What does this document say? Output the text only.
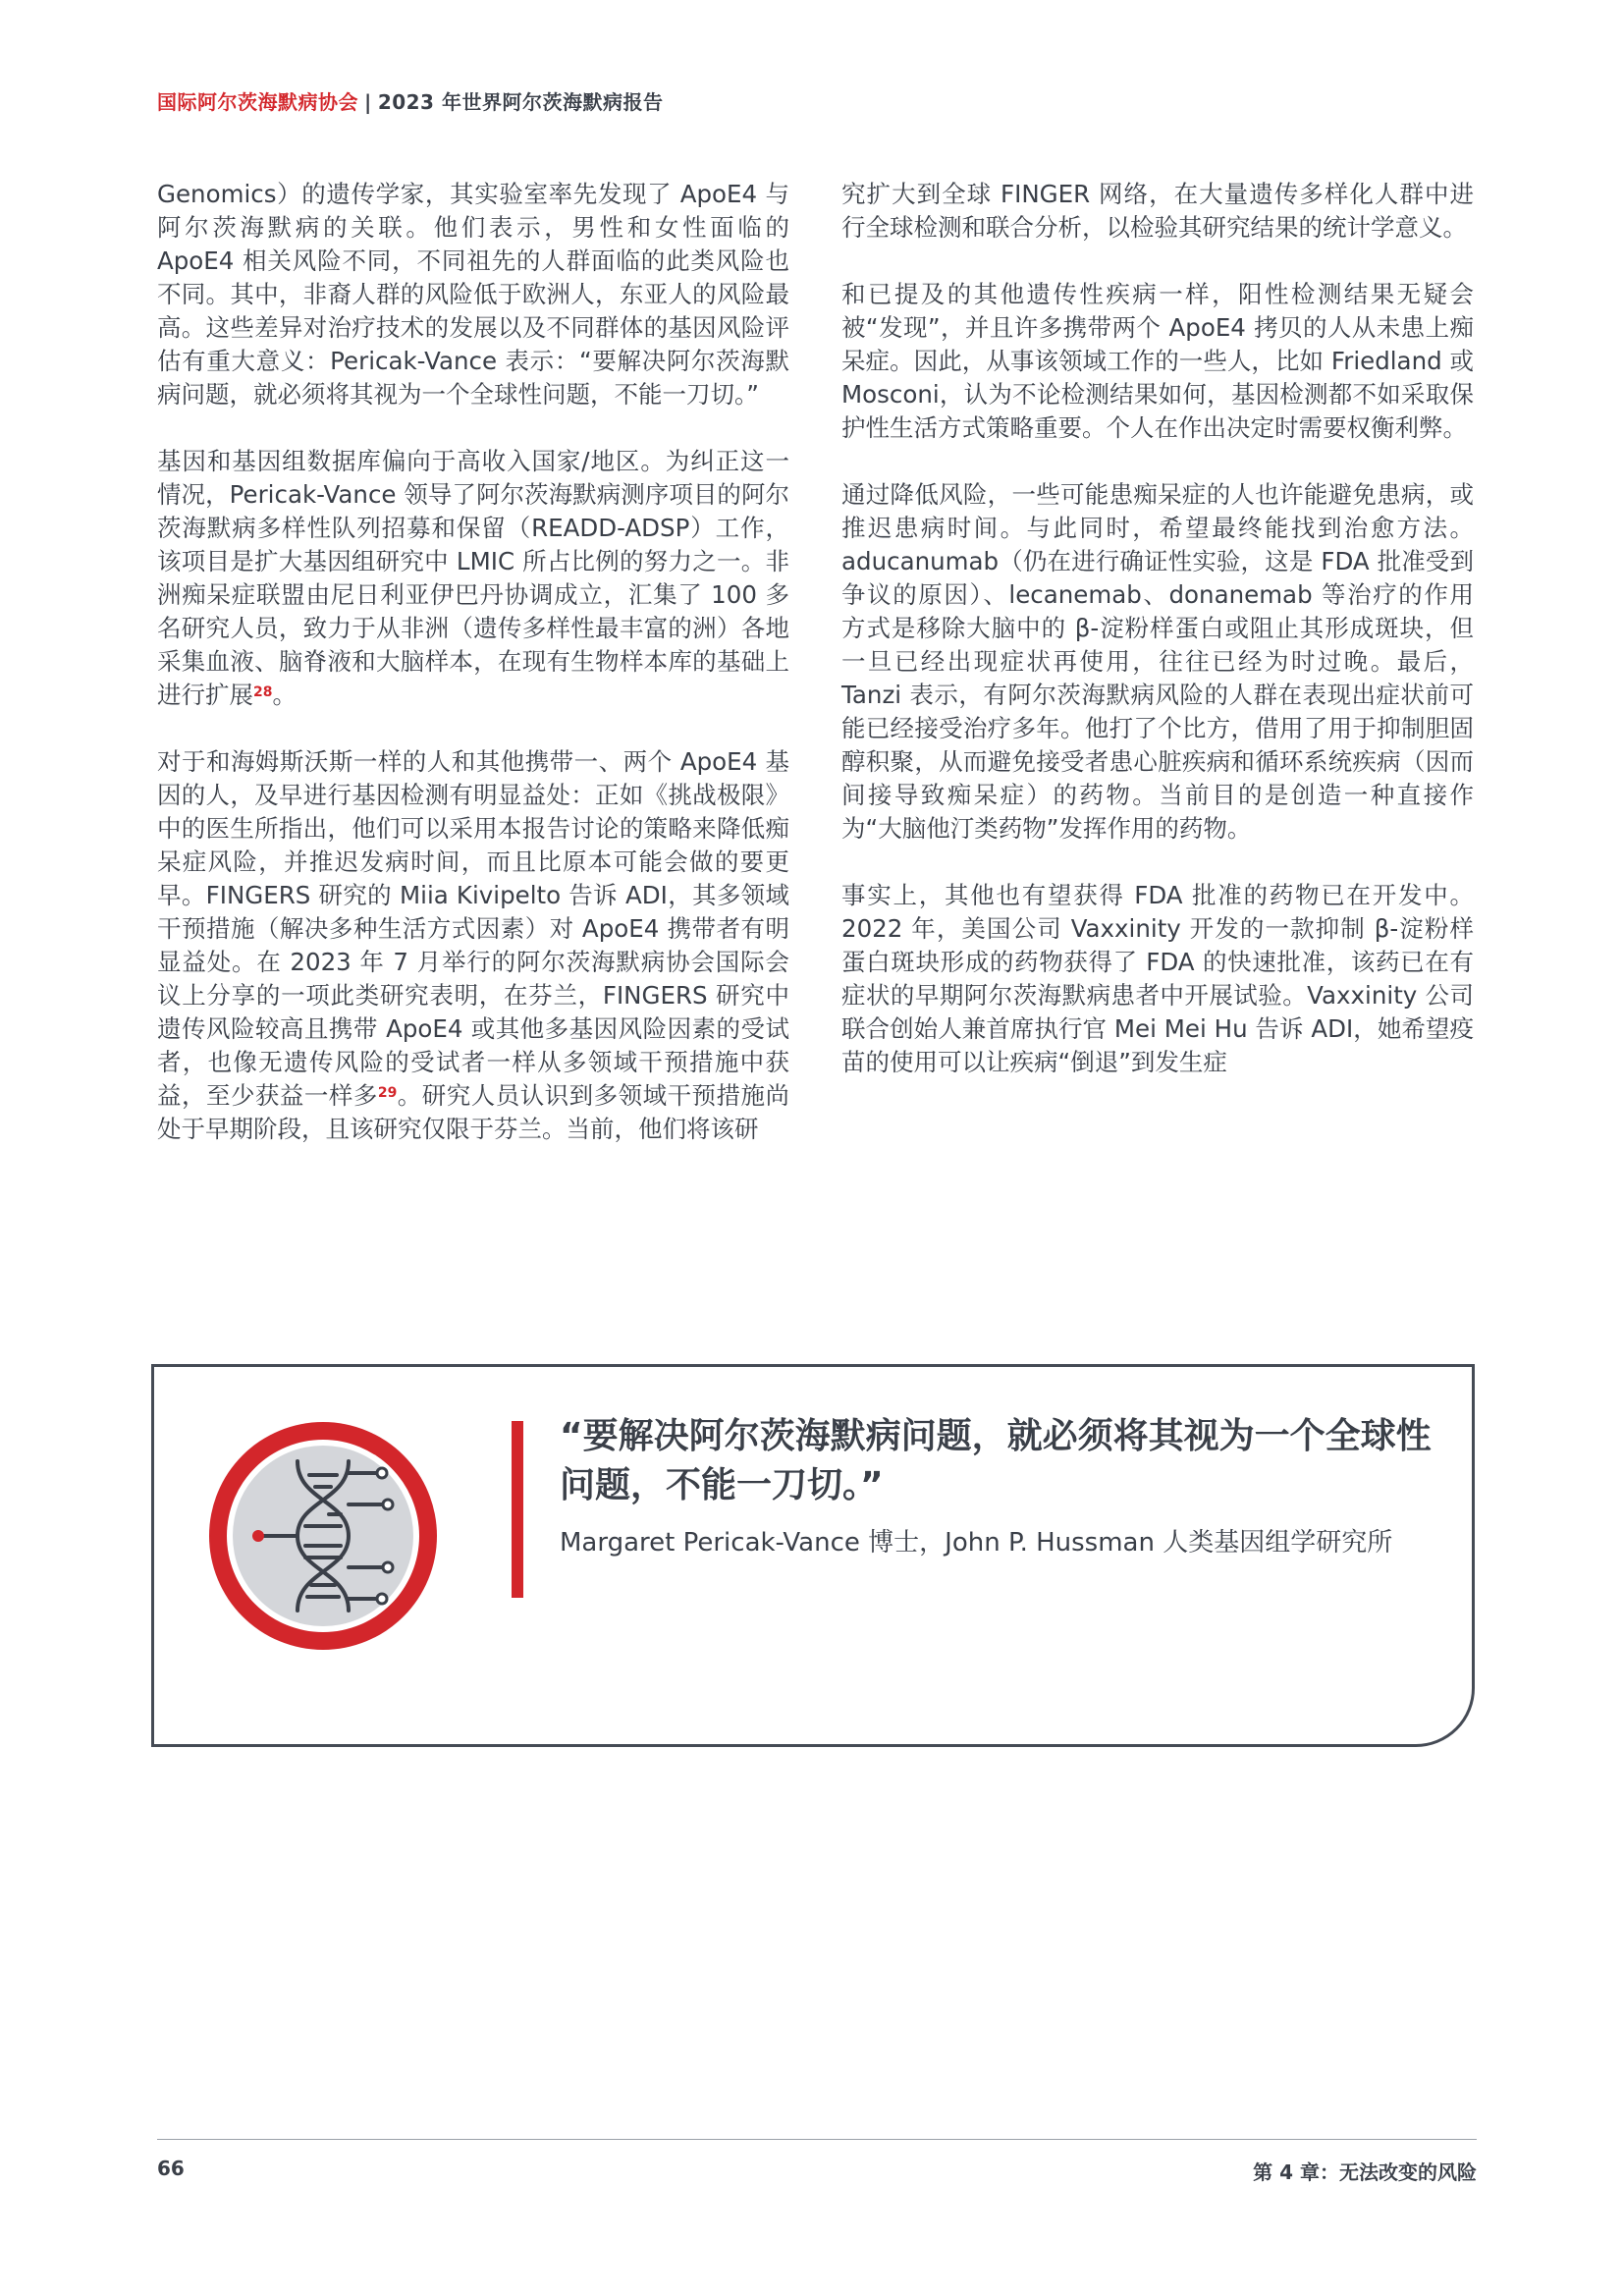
国际阿尔茨海默病协会 | 2023 年世界阿尔茨海默病报告

Genomics）的遗传学家，其实验室率先发现了 ApoE4 与阿尔茨海默病的关联。他们表示，男性和女性面临的 ApoE4 相关风险不同，不同祖先的人群面临的此类风险也不同。其中，非裔人群的风险低于欧洲人，东亚人的风险最高。这些差异对治疗技术的发展以及不同群体的基因风险评估有重大意义：Pericak-Vance 表示：“要解决阿尔茨海默病问题，就必须将其视为一个全球性问题，不能一刀切。”

基因和基因组数据库偏向于高收入国家/地区。为纠正这一情况，Pericak-Vance 领导了阿尔茨海默病测序项目的阿尔茨海默病多样性队列招募和保留（READD-ADSP）工作，该项目是扩大基因组研究中 LMIC 所占比例的努力之一。非洲痴呆症联盟由尼日利亚伊巴丹协调成立，汇集了 100 多名研究人员，致力于从非洲（遗传多样性最丰富的洲）各地采集血液、脑脊液和大脑样本，在现有生物样本库的基础上进行扩展$^{28}$。

对于和海姆斯沃斯一样的人和其他携带一、两个 ApoE4 基因的人，及早进行基因检测有明显益处：正如《挑战极限》中的医生所指出，他们可以采用本报告讨论的策略来降低痴呆症风险，并推迟发病时间，而且比原本可能会做的要更早。FINGERS 研究的 Miia Kivipelto 告诉 ADI，其多领域干预措施（解决多种生活方式因素）对 ApoE4 携带者有明显益处。在 2023 年 7 月举行的阿尔茨海默病协会国际会议上分享的一项此类研究表明，在芬兰，FINGERS 研究中遗传风险较高且携带 ApoE4 或其他多基因风险因素的受试者，也像无遗传风险的受试者一样从多领域干预措施中获益，至少获益一样多$^{29}$。研究人员认识到多领域干预措施尚处于早期阶段，且该研究仅限于芬兰。当前，他们将该研

究扩大到全球 FINGER 网络，在大量遗传多样化人群中进行全球检测和联合分析，以检验其研究结果的统计学意义。

和已提及的其他遗传性疾病一样，阳性检测结果无疑会被“发现”，并且许多携带两个 ApoE4 拷贝的人从未患上痴呆症。因此，从事该领域工作的一些人，比如 Friedland 或 Mosconi，认为不论检测结果如何，基因检测都不如采取保护性生活方式策略重要。个人在作出决定时需要权衡利弊。

通过降低风险，一些可能患痴呆症的人也许能避免患病，或推迟患病时间。与此同时，希望最终能找到治愈方法。aducanumab（仍在进行确证性实验，这是 FDA 批准受到争议的原因）、lecanemab、donanemab 等治疗的作用方式是移除大脑中的 β-淀粉样蛋白或阻止其形成斑块，但一旦已经出现症状再使用，往往已经为时过晚。最后，Tanzi 表示，有阿尔茨海默病风险的人群在表现出症状前可能已经接受治疗多年。他打了个比方，借用了用于抑制胆固醇积聚，从而避免接受者患心脏疾病和循环系统疾病（因而间接导致痴呆症）的药物。当前目的是创造一种直接作为“大脑他汀类药物”发挥作用的药物。

事实上，其他也有望获得 FDA 批准的药物已在开发中。2022 年，美国公司 Vaxxinity 开发的一款抑制 β-淀粉样蛋白斑块形成的药物获得了 FDA 的快速批准，该药已在有症状的早期阿尔茨海默病患者中开展试验。Vaxxinity 公司联合创始人兼首席执行官 Mei Mei Hu 告诉 ADI，她希望疫苗的使用可以让疾病“倒退”到发生症

“要解决阿尔茨海默病问题，就必须将其视为一个全球性问题，不能一刀切。”
Margaret Pericak-Vance 博士，John P. Hussman 人类基因组学研究所
66	第 4 章：无法改变的风险
